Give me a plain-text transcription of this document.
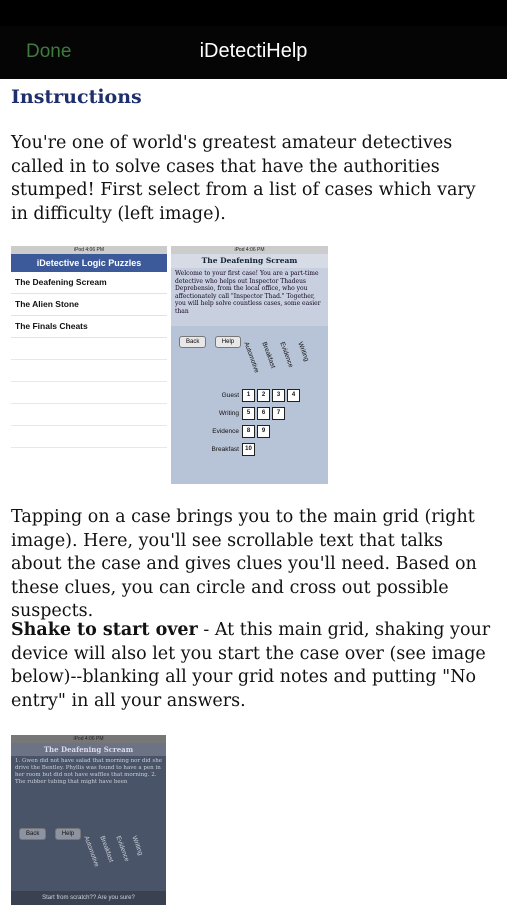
Done	iDetectiHelp
Instructions

You're one of world's greatest amateur detectives called in to solve cases that have the authorities stumped! First select from a list of cases which vary in difficulty (left image).

iPod 4:06 PM
iDetective Logic Puzzles
The Deafening Scream
The Alien Stone
The Finals Cheats
iPod 4:06 PM
The Deafening Scream
Welcome to your first case! You are a part-time detective who helps out Inspector Thadeus Deprebensio, from the local office, who you affectionately call "Inspector Thad." Together, you will help solve countless cases, some easier than
Back	Help	Automotive Breakfast Evidence Writing
Guest	1	2	3	4
Writing	5	6	7
Evidence	8	9
Breakfast	10

Tapping on a case brings you to the main grid (right image). Here, you'll see scrollable text that talks about the case and gives clues you'll need. Based on these clues, you can circle and cross out possible suspects.

Shake to start over - At this main grid, shaking your device will also let you start the case over (see image below)--blanking all your grid notes and putting "No entry" in all your answers.

iPod 4:06 PM
The Deafening Scream
1. Gwen did not have salad that morning nor did she drive the Bentley. Phyllis was found to have a pen in her room but did not have waffles that morning. 2. The rubber tubing that might have been
Back	Help
Automotive
Breakfast Evidence Writing
Start from scratch?? Are you sure?
